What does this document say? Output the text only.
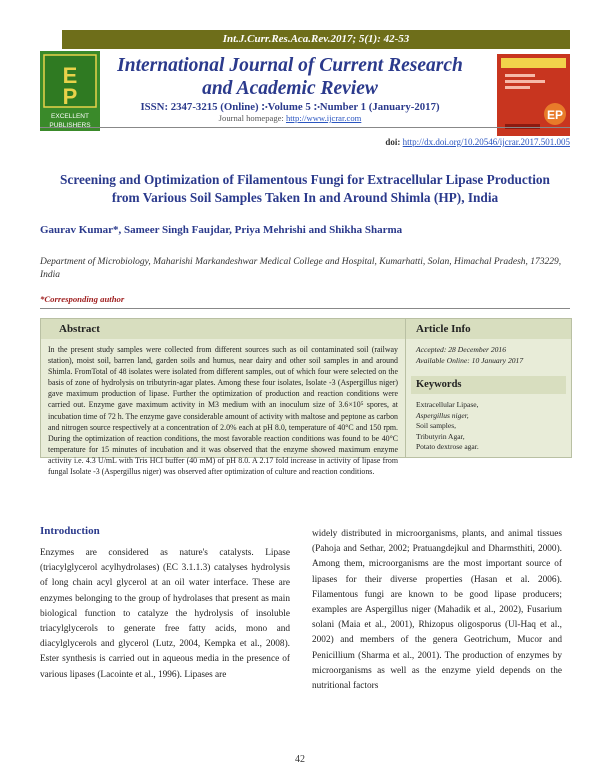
Int.J.Curr.Res.Aca.Rev.2017; 5(1): 42-53
E
P
EXCELLENT
PUBLISHERS
International Journal of Current Research
and Academic Review
EP
ISSN: 2347-3215 (Online) ჻Volume 5 ჻Number 1 (January-2017)
Journal homepage: http://www.ijcrar.com
doi: http://dx.doi.org/10.20546/ijcrar.2017.501.005
Screening and Optimization of Filamentous Fungi for Extracellular Lipase Production
from Various Soil Samples Taken In and Around Shimla (HP), India
Gaurav Kumar*, Sameer Singh Faujdar, Priya Mehrishi and Shikha Sharma
Department of Microbiology, Maharishi Markandeshwar Medical College and Hospital, Kumarhatti, Solan, Himachal Pradesh, 173229, India
*Corresponding author
Abstract
In the present study samples were collected from different sources such as oil contaminated soil (railway station), moist soil, barren land, garden soils and humus, near dairy and other soil samples in and around Shimla. FromTotal of 48 isolates were isolated from different samples, out of which four were selected on the basis of zone of hydrolysis on tributyrin-agar plates. Among these four isolates, Isolate -3 (Aspergillus niger) gave maximum production of lipase. Further the optimization of production and reaction conditions were carried out. Enzyme gave maximum activity in M3 medium with an inoculum size of 3.6×10⁵ spores, at incubation time of 72 h. The enzyme gave considerable amount of activity with maltose and peptone as carbon and nitrogen source respectively at a concentration of 2.0% each at pH 8.0, temperature of 40°C and 150 rpm. During the optimization of reaction conditions, the most favorable reaction conditions was found to be 40°C temperature for 15 minutes of incubation and it was observed that the enzyme showed maximum enzyme activity i.e. 4.3 U/mL with Tris HCl buffer (40 mM) of pH 8.0. A 2.17 fold increase in activity of lipase from fungal Isolate -3 (Aspergillus niger) was observed after optimization of culture and reaction conditions.
Article Info
Accepted: 28 December 2016
Available Online: 10 January 2017
Keywords
Extracellular Lipase,
Aspergillus niger,
Soil samples,
Tributyrin Agar,
Potato dextrose agar.
Introduction
Enzymes are considered as nature's catalysts. Lipase (triacylglycerol acylhydrolases) (EC 3.1.1.3) catalyses hydrolysis of long chain acyl glycerol at an oil water interface. These are enzymes belonging to the group of hydrolases that present as main biological function to catalyze the hydrolysis of insoluble triacylglycerols to generate free fatty acids, mono and diacylglycerols and glycerol (Lutz, 2004, Kempka et al., 2008). Ester synthesis is carried out in aqueous media in the presence of various lipases (Lacointe et al., 1996). Lipases are
widely distributed in microorganisms, plants, and animal tissues (Pahoja and Sethar, 2002; Pratuangdejkul and Dharmsthiti, 2000). Among them, microorganisms are the most important source of lipases for their diverse properties (Hasan et al. 2006). Filamentous fungi are known to be good lipase producers; examples are Aspergillus niger (Mahadik et al., 2002), Fusarium solani (Maia et al., 2001), Rhizopus oligosporus (Ul-Haq et al., 2002) and members of the genera Geotrichum, Mucor and Penicillium (Sharma et al., 2001). The production of enzymes by microorganisms as well as the enzyme yield depends on the nutritional factors
42
